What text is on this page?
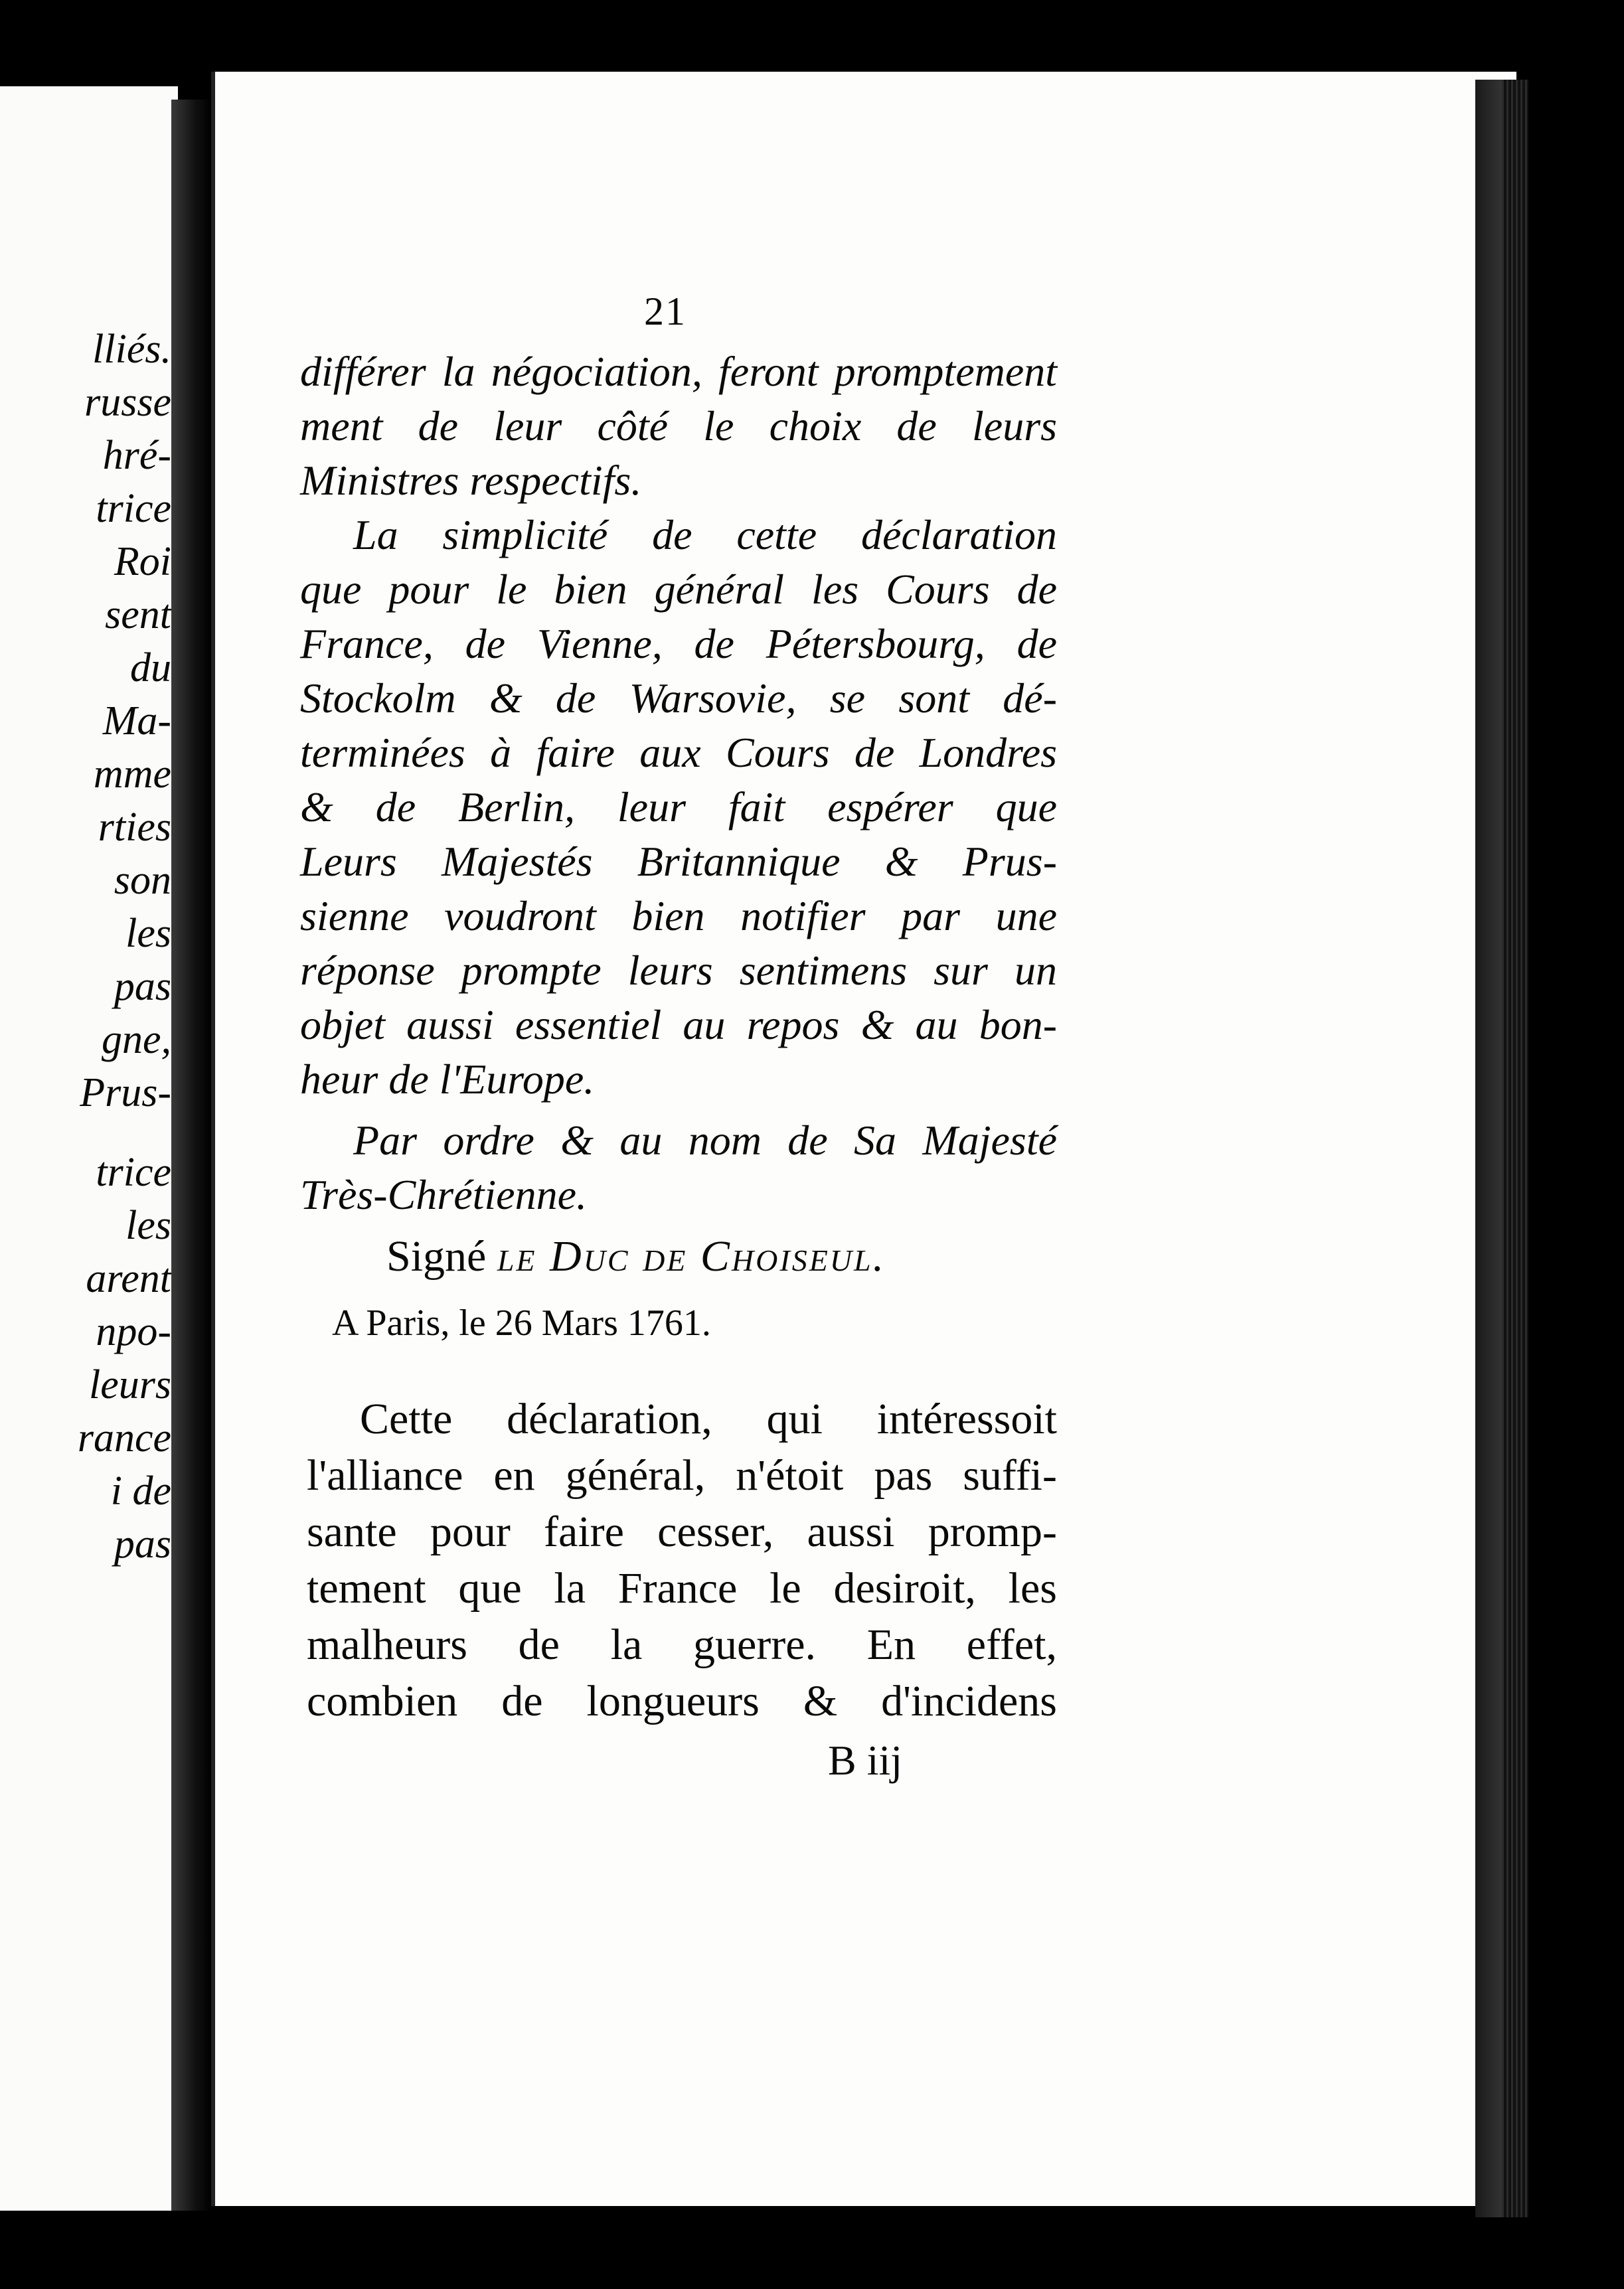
lliés.
russe
hré-
trice
Roi
sent
du
Ma-
mme
rties
son
les
pas
gne,
Prus-
trice
les
arent
npo-
leurs
rance
i de
pas
21
différer la négociation, feront promptement
ment de leur côté le choix de leurs
Ministres respectifs.
La simplicité de cette déclaration
que pour le bien général les Cours de
France, de Vienne, de Pétersbourg, de
Stockolm & de Warsovie, se sont dé-
terminées à faire aux Cours de Londres
& de Berlin, leur fait espérer que
Leurs Majestés Britannique & Prus-
sienne voudront bien notifier par une
réponse prompte leurs sentimens sur un
objet aussi essentiel au repos & au bon-
heur de l'Europe.
Par ordre & au nom de Sa Majesté
Très-Chrétienne.
Signé le Duc de Choiseul.
A Paris, le 26 Mars 1761.
Cette déclaration, qui intéressoit
l'alliance en général, n'étoit pas suffi-
sante pour faire cesser, aussi promp-
tement que la France le desiroit, les
malheurs de la guerre. En effet,
combien de longueurs & d'incidens
B iij
